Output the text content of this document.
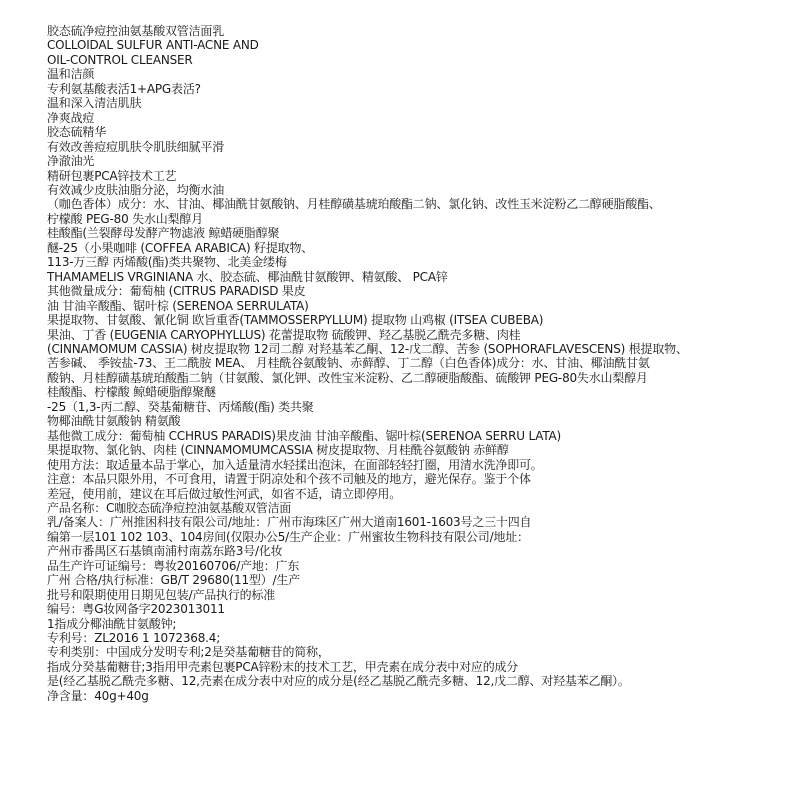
胶态硫净痘控油氨基酸双管洁面乳
COLLOIDAL SULFUR ANTI-ACNE AND
OIL-CONTROL CLEANSER
温和洁颜
专利氨基酸表活1+APG表活?
温和深入清洁肌肤
净爽战痘
胶态硫精华
有效改善痘痘肌肤令肌肤细腻平滑
净澈油光
精研包裹PCA锌技术工艺
有效减少皮肤油脂分泌，均衡水油
（咖色香体）成分：水、甘油、椰油酰甘氨酸钠、月桂醇磺基琥珀酸酯二钠、氯化钠、改性玉米淀粉乙二醇硬脂酸酯、
柠檬酸 PEG-80 失水山梨醇月
桂酸酯(兰裂酵母发酵产物滤液 鲸蜡硬脂醇聚
醚-25（小果咖啡 (COFFEA ARABICA) 籽提取物、
113-万三醇 丙烯酸(酯)类共聚物、北美金缕梅
THAMAMELIS VRGINIANA 水、胶态硫、椰油酰甘氨酸钾、精氨酸、 PCA锌
其他微量成分：葡萄柚 (CITRUS PARADISD 果皮
油 甘油辛酸酯、锯叶棕 (SERENOA SERRULATA)
果提取物、甘氨酸、氰化铜 欧旨重香(TAMMOSSERPYLLUM) 提取物 山鸡椒 (ITSEA CUBEBA)
果油、丁香 (EUGENIA CARYOPHYLLUS) 花蕾提取物 硫酸钾、羟乙基脱乙酰壳多糖、肉桂
(CINNAMOMUM CASSIA) 树皮提取物 12司二醇 对羟基苯乙酮、12-戊二醇、苦参 (SOPHORAFLAVESCENS) 根提取物、
苦参碱、 季铵盐-73、王二酰胺 MEA、 月桂酰谷氨酸钠、赤藓醇、丁二醇（白色香体)成分：水、甘油、椰油酰甘氨
酸钠、月桂醇磺基琥珀酸酯二钠（甘氨酸、氯化钾、改性宝米淀粉、乙二醇硬脂酸酯、硫酸钾 PEG-80失水山梨醇月
桂酸酯、柠檬酸 鲸蜡硬脂醇聚醚
-25（1,3-丙二醇、癸基葡糖苷、丙烯酸(酯) 类共聚
物椰油酰甘氨酸钠 精氨酸
基他微工成分：葡萄柚 CCHRUS PARADIS)果皮油 甘油辛酸酯、锯叶棕(SERENOA SERRU LATA)
果提取物、氯化钠、肉桂 (CINNAMOMUMCASSIA 树皮提取物、月桂酰谷氨酸钠 赤鲜醇
使用方法：取适量本品于掌心，加入适量清水轻揉出泡沫，在面部轻轻打圈，用清水洗净即可。
注意：本品只限外用，不可食用，请置于阴凉处和个孩不司触及的地方，避光保存。鉴于个体
差冠，使用前，建议在耳后做过敏性河武，如省不适，请立即停用。
产品名称：C咖胶态硫净痘控油氨基酸双管洁面
乳/备案人：广州推困科技有限公司/地址：广州市海珠区广州大道南1601-1603号之三十四自
编第一层101 102 103、104房间(仅限办公5/生产企业：广州蜜妆生物科技有限公司/地址：
产州市番禺区石基镇南浦村南荔东路3号/化妆
品生产许可证编号：粤妆20160706/产地：广东
广州 合格/执行标准：GB/T 29680(11型）/生产
批号和限期使用日期见包装/产品执行的标准
编号：粤G妆网备字2023013011
1指成分椰油酰甘氨酸钟;
专利号：ZL2016 1 1072368.4;
专利类别：中国成分发明专利;2是癸基葡糖苷的简称，
指成分癸基葡糖苷;3指用甲壳素包裹PCA锌粉末的技术工艺，甲壳素在成分表中对应的成分
是(经乙基脱乙酰壳多糖、12,壳素在成分表中对应的成分是(经乙基脱乙酰壳多糖、12,戊二醇、对羟基苯乙酮）。
净含量：40g+40g
